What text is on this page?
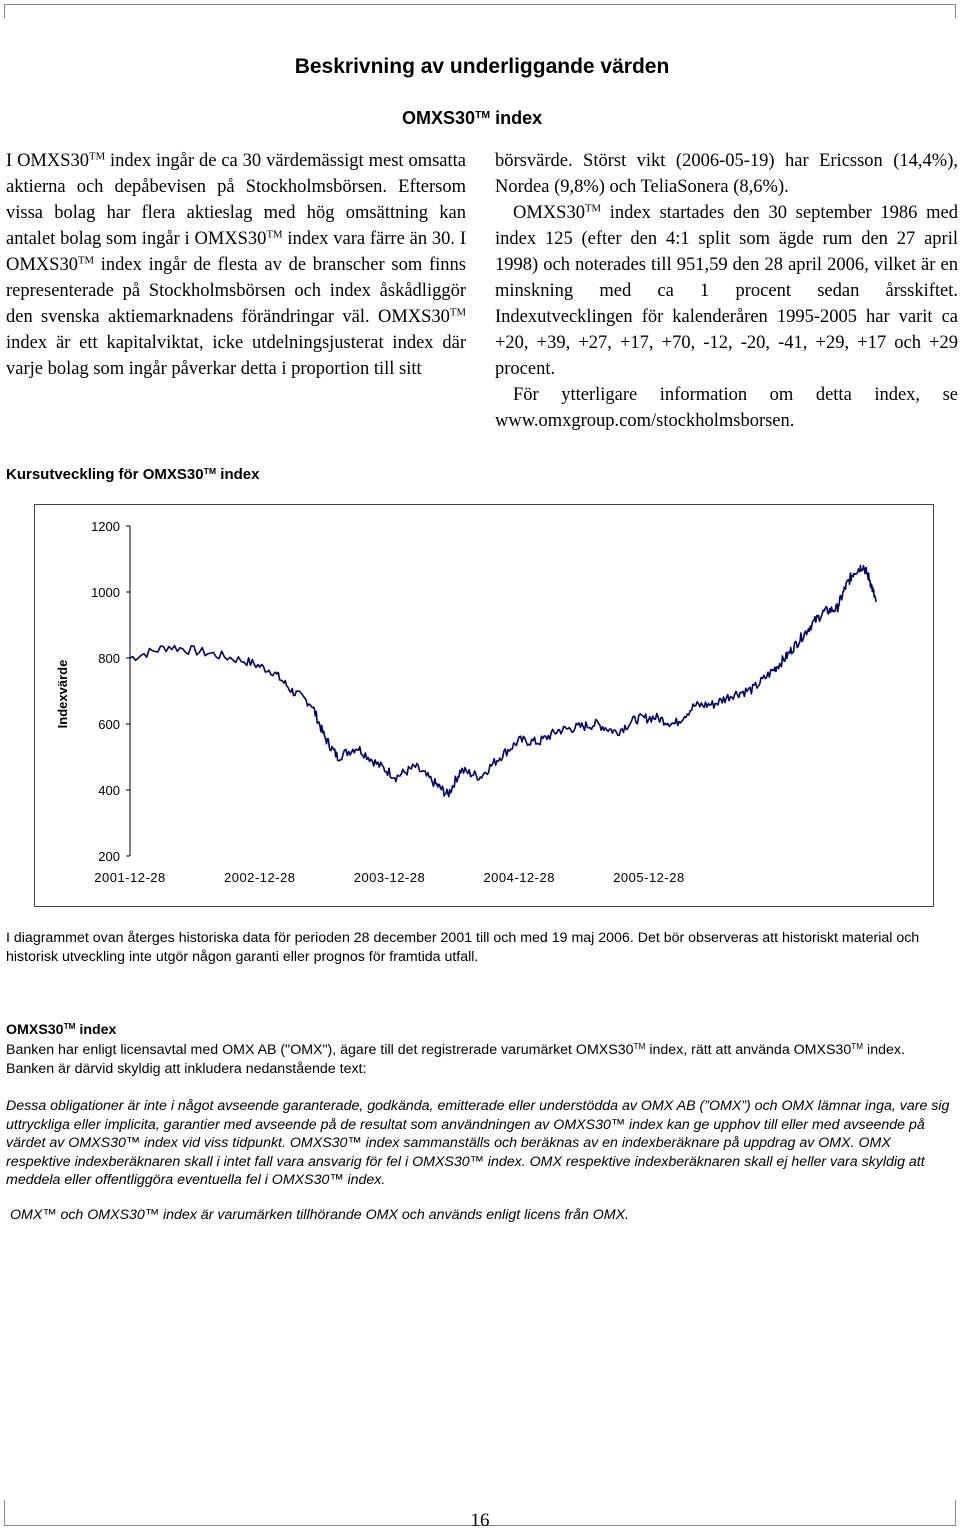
Beskrivning av underliggande värden
OMXS30™ index

I OMXS30™ index ingår de ca 30 värdemässigt mest omsatta aktierna och depåbevisen på Stockholmsbörsen. Eftersom vissa bolag har flera aktieslag med hög omsättning kan antalet bolag som ingår i OMXS30™ index vara färre än 30. I OMXS30™ index ingår de flesta av de branscher som finns representerade på Stockholmsbörsen och index åskådliggör den svenska aktiemarknadens förändringar väl. OMXS30™ index är ett kapitalviktat, icke utdelningsjusterat index där varje bolag som ingår påverkar detta i proportion till sitt

börsvärde. Störst vikt (2006-05-19) har Ericsson (14,4%), Nordea (9,8%) och TeliaSonera (8,6%).

OMXS30™ index startades den 30 september 1986 med index 125 (efter den 4:1 split som ägde rum den 27 april 1998) och noterades till 951,59 den 28 april 2006, vilket är en minskning med ca 1 procent sedan årsskiftet. Indexutvecklingen för kalenderåren 1995-2005 har varit ca +20, +39, +27, +17, +70, -12, -20, -41, +29, +17 och +29 procent.

För ytterligare information om detta index, se www.omxgroup.com/stockholmsborsen.

Kursutveckling för OMXS30™ index
1200
1000
800
600
400
200
2001-12-28	2002-12-28	2003-12-28	2004-12-28	2005-12-28
Indexvärde
I diagrammet ovan återges historiska data för perioden 28 december 2001 till och med 19 maj 2006. Det bör observeras att historiskt material och historisk utveckling inte utgör någon garanti eller prognos för framtida utfall.
OMXS30™ index
Banken har enligt licensavtal med OMX AB ("OMX"), ägare till det registrerade varumärket OMXS30™ index, rätt att använda OMXS30™ index. Banken är därvid skyldig att inkludera nedanstående text:
Dessa obligationer är inte i något avseende garanterade, godkända, emitterade eller understödda av OMX AB (”OMX”) och OMX lämnar inga, vare sig uttryckliga eller implicita, garantier med avseende på de resultat som användningen av OMXS30™ index kan ge upphov till eller med avseende på värdet av OMXS30™ index vid viss tidpunkt. OMXS30™ index sammanställs och beräknas av en indexberäknare på uppdrag av OMX. OMX respektive indexberäknaren skall i intet fall vara ansvarig för fel i OMXS30™ index. OMX respektive indexberäknaren skall ej heller vara skyldig att meddela eller offentliggöra eventuella fel i OMXS30™ index.
OMX™ och OMXS30™ index är varumärken tillhörande OMX och används enligt licens från OMX.
16
